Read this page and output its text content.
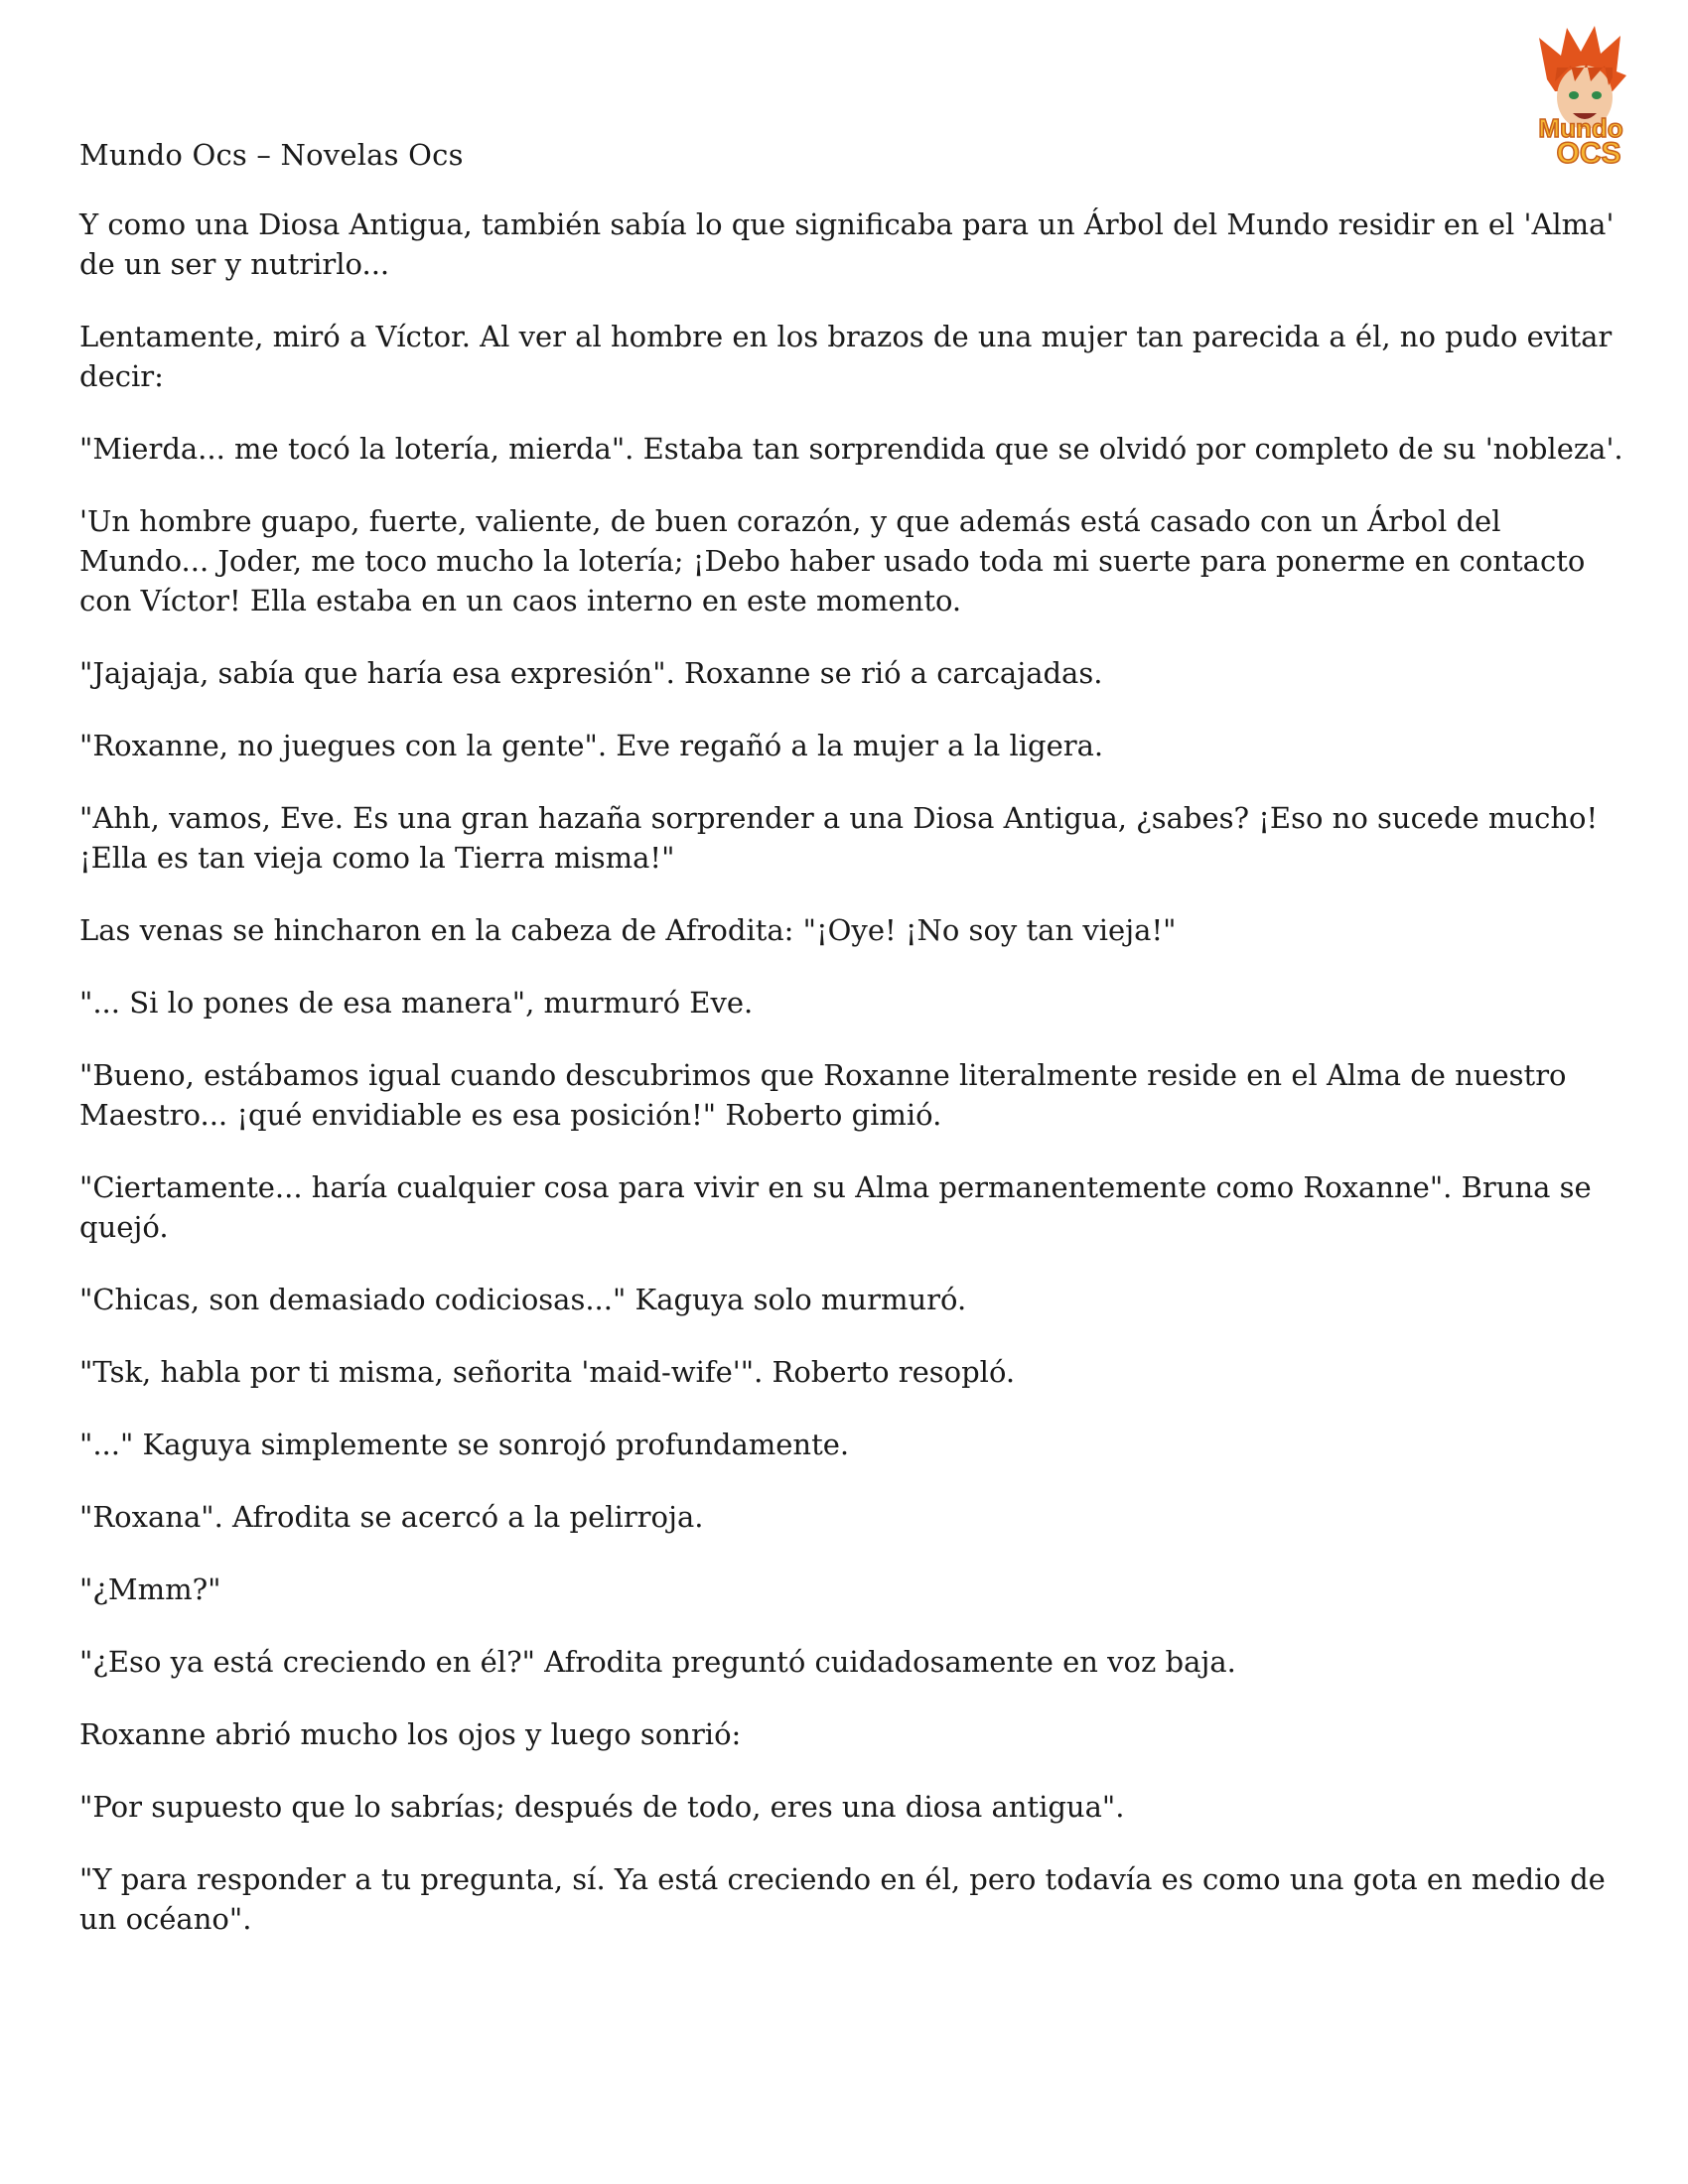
Mundo
OCS
Mundo Ocs – Novelas Ocs

Y como una Diosa Antigua, también sabía lo que significaba para un Árbol del Mundo residir en el 'Alma' de un ser y nutrirlo...

Lentamente, miró a Víctor. Al ver al hombre en los brazos de una mujer tan parecida a él, no pudo evitar decir:

"Mierda... me tocó la lotería, mierda". Estaba tan sorprendida que se olvidó por completo de su 'nobleza'.

'Un hombre guapo, fuerte, valiente, de buen corazón, y que además está casado con un Árbol del Mundo... Joder, me toco mucho la lotería; ¡Debo haber usado toda mi suerte para ponerme en contacto con Víctor! Ella estaba en un caos interno en este momento.

"Jajajaja, sabía que haría esa expresión". Roxanne se rió a carcajadas.

"Roxanne, no juegues con la gente". Eve regañó a la mujer a la ligera.

"Ahh, vamos, Eve. Es una gran hazaña sorprender a una Diosa Antigua, ¿sabes? ¡Eso no sucede mucho! ¡Ella es tan vieja como la Tierra misma!"

Las venas se hincharon en la cabeza de Afrodita: "¡Oye! ¡No soy tan vieja!"

"... Si lo pones de esa manera", murmuró Eve.

"Bueno, estábamos igual cuando descubrimos que Roxanne literalmente reside en el Alma de nuestro Maestro... ¡qué envidiable es esa posición!" Roberto gimió.

"Ciertamente... haría cualquier cosa para vivir en su Alma permanentemente como Roxanne". Bruna se quejó.

"Chicas, son demasiado codiciosas..." Kaguya solo murmuró.

"Tsk, habla por ti misma, señorita 'maid-wife'". Roberto resopló.

"..." Kaguya simplemente se sonrojó profundamente.

"Roxana". Afrodita se acercó a la pelirroja.

"¿Mmm?"

"¿Eso ya está creciendo en él?" Afrodita preguntó cuidadosamente en voz baja.

Roxanne abrió mucho los ojos y luego sonrió:

"Por supuesto que lo sabrías; después de todo, eres una diosa antigua".

"Y para responder a tu pregunta, sí. Ya está creciendo en él, pero todavía es como una gota en medio de un océano".
